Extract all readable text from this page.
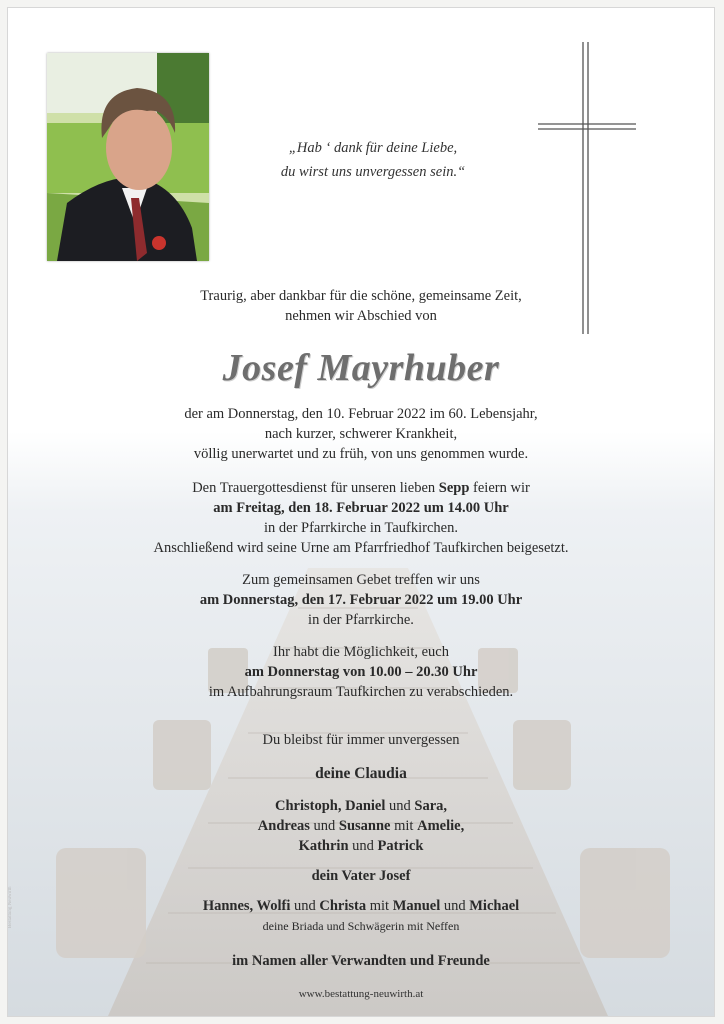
„Hab ‘ dank für deine Liebe,
du wirst uns unvergessen sein.“
Traurig, aber dankbar für die schöne, gemeinsame Zeit,
nehmen wir Abschied von
Josef Mayrhuber
der am Donnerstag, den 10. Februar 2022 im 60. Lebensjahr,
nach kurzer, schwerer Krankheit,
völlig unerwartet und zu früh, von uns genommen wurde.
Den Trauergottesdienst für unseren lieben Sepp feiern wir
am Freitag, den 18. Februar 2022 um 14.00 Uhr
in der Pfarrkirche in Taufkirchen.
Anschließend wird seine Urne am Pfarrfriedhof Taufkirchen beigesetzt.
Zum gemeinsamen Gebet treffen wir uns
am Donnerstag, den 17. Februar 2022 um 19.00 Uhr
in der Pfarrkirche.
Ihr habt die Möglichkeit, euch
am Donnerstag von 10.00 – 20.30 Uhr
im Aufbahrungsraum Taufkirchen zu verabschieden.
Du bleibst für immer unvergessen
deine Claudia
Christoph, Daniel und Sara,
Andreas und Susanne mit Amelie,
Kathrin und Patrick
dein Vater Josef
Hannes, Wolfi und Christa mit Manuel und Michael
deine Briada und Schwägerin mit Neffen
im Namen aller Verwandten und Freunde
www.bestattung-neuwirth.at
Bestattung Neuwirth
